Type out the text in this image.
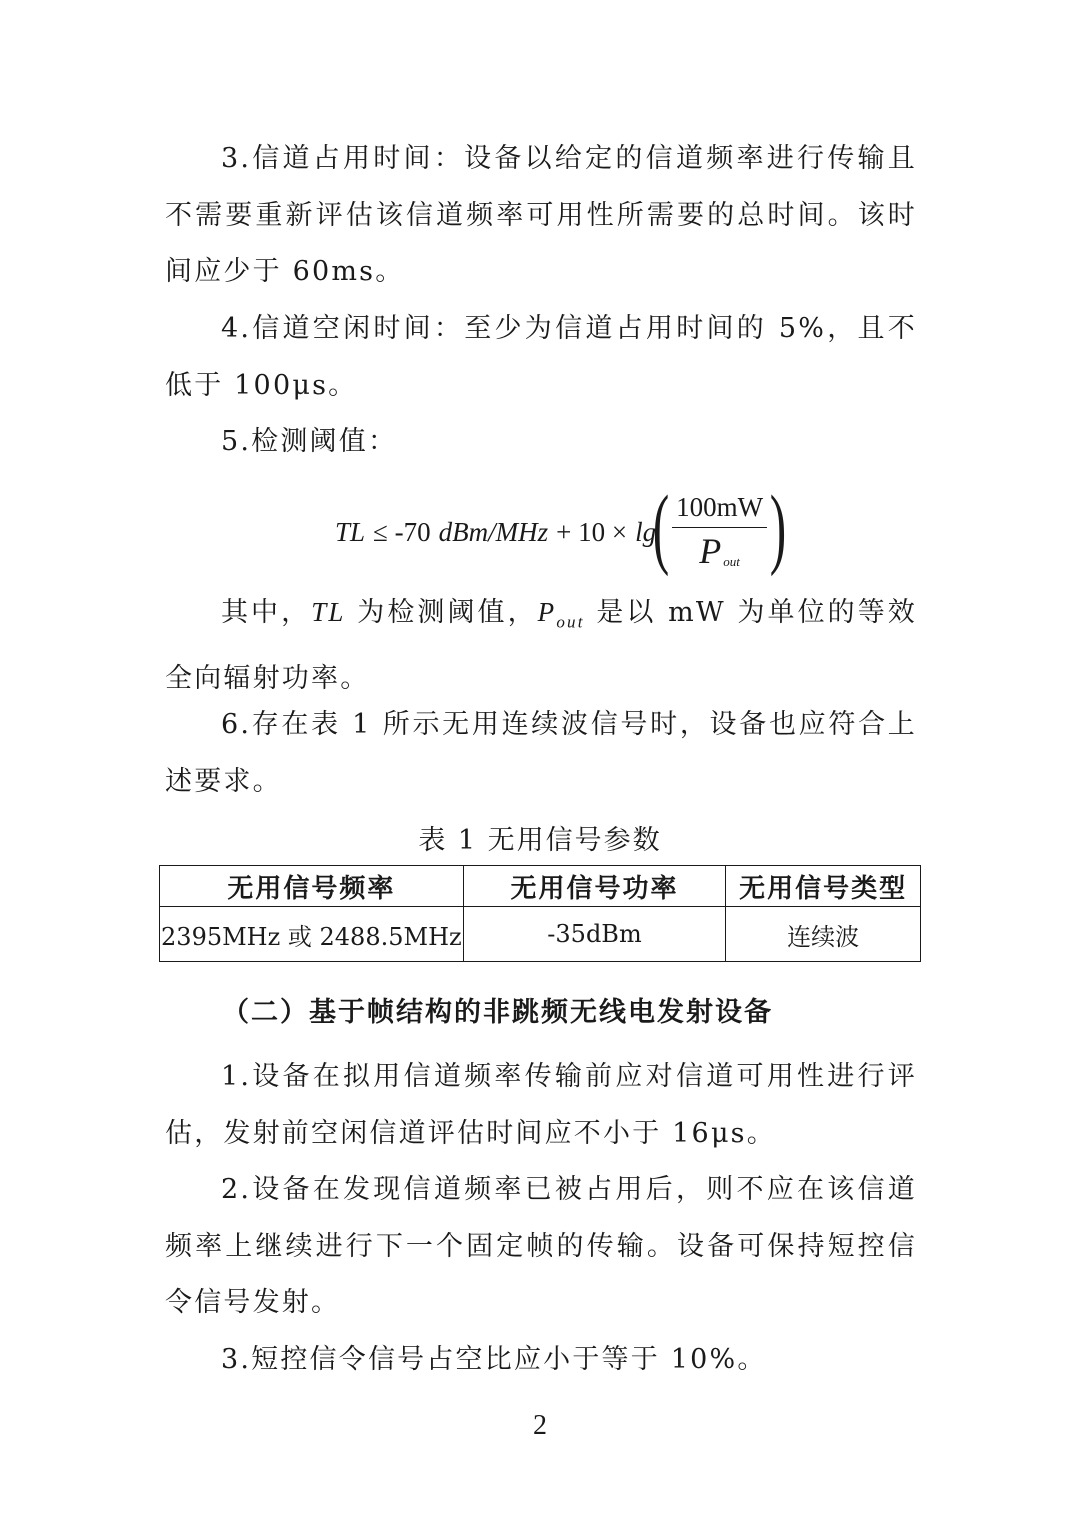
3.信道占用时间：设备以给定的信道频率进行传输且不需要重新评估该信道频率可用性所需要的总时间。该时间应少于 60ms。

4.信道空闲时间：至少为信道占用时间的 5%，且不低于 100μs。

5.检测阈值：

TL ≤ -70 dBm/MHz + 10 × lg
( $\frac{100mW}{P _{out}}$ )

其中，TL 为检测阈值，$P_{out}$ 是以 mW 为单位的等效全向辐射功率。

6.存在表 1 所示无用连续波信号时，设备也应符合上述要求。

表 1 无用信号参数
无用信号频率	无用信号功率	无用信号类型
2395MHz 或 2488.5MHz	-35dBm	连续波

（二）基于帧结构的非跳频无线电发射设备

1.设备在拟用信道频率传输前应对信道可用性进行评估，发射前空闲信道评估时间应不小于 16μs。

2.设备在发现信道频率已被占用后，则不应在该信道频率上继续进行下一个固定帧的传输。设备可保持短控信令信号发射。

3.短控信令信号占空比应小于等于 10%。

2
